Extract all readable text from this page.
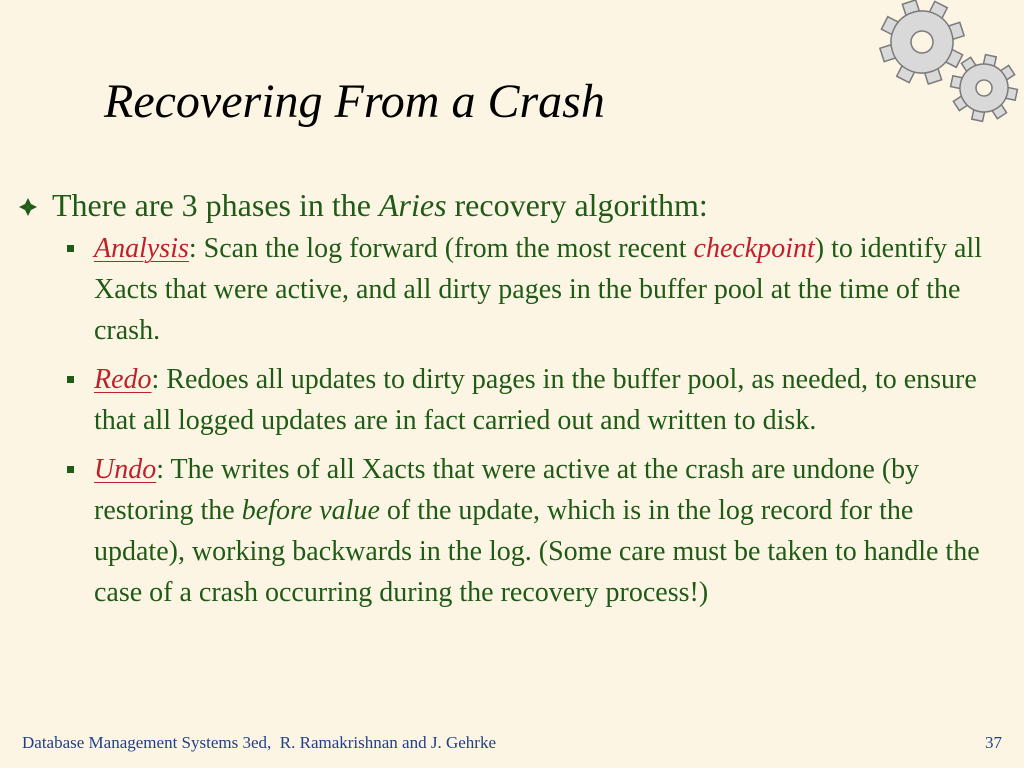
Recovering From a Crash
There are 3 phases in the Aries recovery algorithm:
Analysis: Scan the log forward (from the most recent checkpoint) to identify all Xacts that were active, and all dirty pages in the buffer pool at the time of the crash.
Redo: Redoes all updates to dirty pages in the buffer pool, as needed, to ensure that all logged updates are in fact carried out and written to disk.
Undo: The writes of all Xacts that were active at the crash are undone (by restoring the before value of the update, which is in the log record for the update), working backwards in the log. (Some care must be taken to handle the case of a crash occurring during the recovery process!)
Database Management Systems 3ed,  R. Ramakrishnan and J. Gehrke	37
